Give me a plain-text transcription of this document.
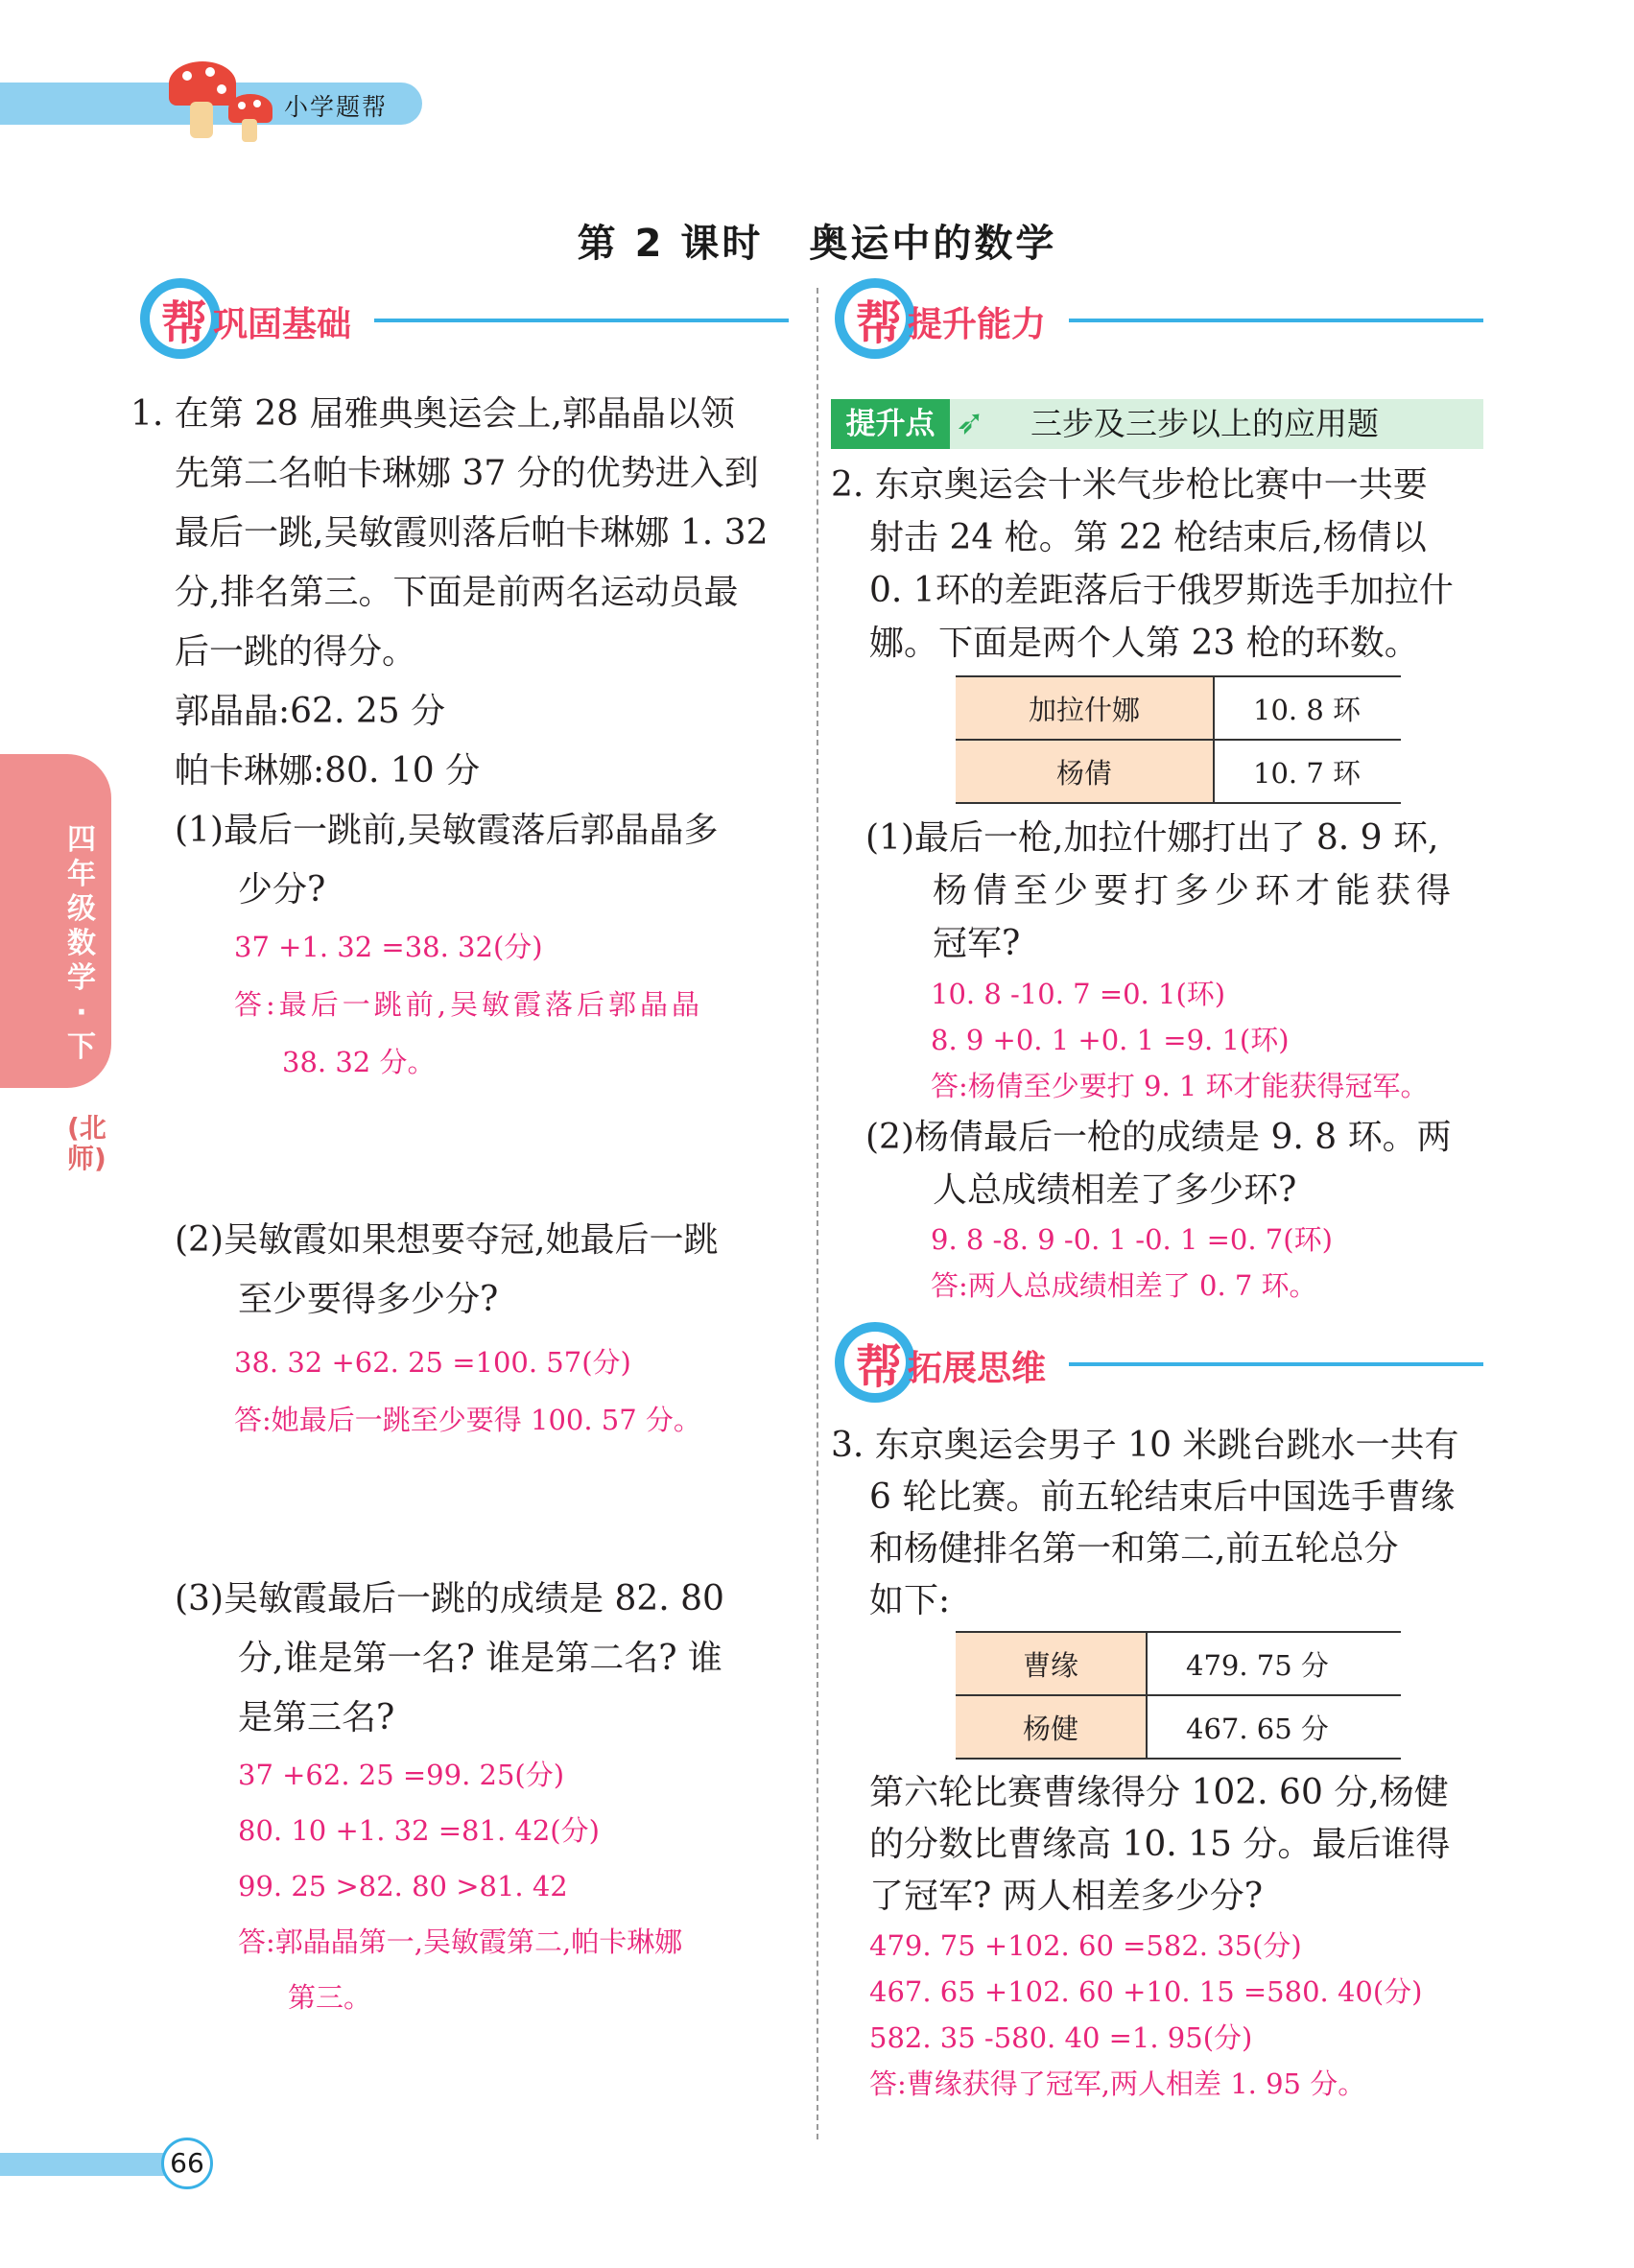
小学题帮
第 2 课时 奥运中的数学
帮 巩固基础
1. 在第 28 届雅典奥运会上,郭晶晶以领
先第二名帕卡琳娜 37 分的优势进入到
最后一跳,吴敏霞则落后帕卡琳娜 1. 32
分,排名第三。下面是前两名运动员最
后一跳的得分。
郭晶晶:62. 25 分
帕卡琳娜:80. 10 分
(1)最后一跳前,吴敏霞落后郭晶晶多
少分?
37 +1. 32 =38. 32(分)
答:最后一跳前,吴敏霞落后郭晶晶
38. 32 分。
(2)吴敏霞如果想要夺冠,她最后一跳
至少要得多少分?
38. 32 +62. 25 =100. 57(分)
答:她最后一跳至少要得 100. 57 分。
(3)吴敏霞最后一跳的成绩是 82. 80
分,谁是第一名? 谁是第二名? 谁
是第三名?
37 +62. 25 =99. 25(分)
80. 10 +1. 32 =81. 42(分)
99. 25 >82. 80 >81. 42
答:郭晶晶第一,吴敏霞第二,帕卡琳娜
第三。
四年级数学·下
(北师)
帮 提升能力
提升点 ➶ 三步及三步以上的应用题
2. 东京奥运会十米气步枪比赛中一共要
射击 24 枪。第 22 枪结束后,杨倩以
0. 1环的差距落后于俄罗斯选手加拉什
娜。下面是两个人第 23 枪的环数。
加拉什娜	10. 8 环
杨倩	10. 7 环
(1)最后一枪,加拉什娜打出了 8. 9 环,
杨倩至少要打多少环才能获得
冠军?
10. 8 -10. 7 =0. 1(环)
8. 9 +0. 1 +0. 1 =9. 1(环)
答:杨倩至少要打 9. 1 环才能获得冠军。
(2)杨倩最后一枪的成绩是 9. 8 环。两
人总成绩相差了多少环?
9. 8 -8. 9 -0. 1 -0. 1 =0. 7(环)
答:两人总成绩相差了 0. 7 环。
帮 拓展思维
3. 东京奥运会男子 10 米跳台跳水一共有
6 轮比赛。前五轮结束后中国选手曹缘
和杨健排名第一和第二,前五轮总分
如下:
曹缘	479. 75 分
杨健	467. 65 分
第六轮比赛曹缘得分 102. 60 分,杨健
的分数比曹缘高 10. 15 分。最后谁得
了冠军? 两人相差多少分?
479. 75 +102. 60 =582. 35(分)
467. 65 +102. 60 +10. 15 =580. 40(分)
582. 35 -580. 40 =1. 95(分)
答:曹缘获得了冠军,两人相差 1. 95 分。
66
